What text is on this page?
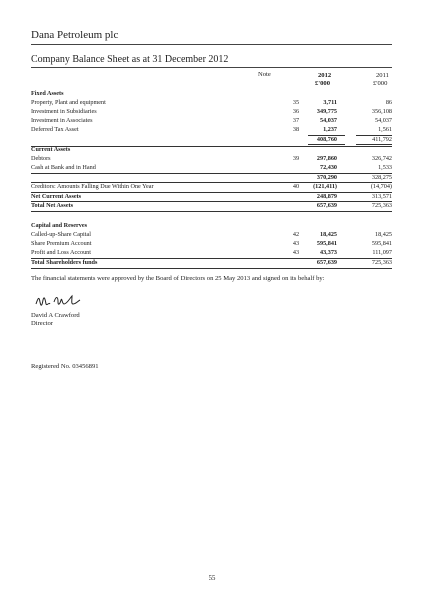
Dana Petroleum plc
Company Balance Sheet as at 31 December 2012
Note	2012	2011
£'000	£'000
Fixed Assets
Property, Plant and equipment	35	3,711	86
Investment in Subsidiaries	36	349,775	356,108
Investment in Associates	37	54,037	54,037
Deferred Tax Asset	38	1,237	1,561
408,760	411,792
Current Assets
Debtors	39	297,860	326,742
Cash at Bank and in Hand	72,430	1,533
370,290	328,275
Creditors: Amounts Falling Due Within One Year	40	(121,411)	(14,704)
Net Current Assets	248,879	313,571
Total Net Assets	657,639	725,363
Capital and Reserves
Called-up-Share Capital	42	18,425	18,425
Share Premium Account	43	595,841	595,841
Profit and Loss Account	43	43,373	111,097
Total Shareholders funds	657,639	725,363
The financial statements were approved by the Board of Directors on 25 May 2013 and signed on its behalf by:
David A Crawford
Director
Registered No. 03456891
55
